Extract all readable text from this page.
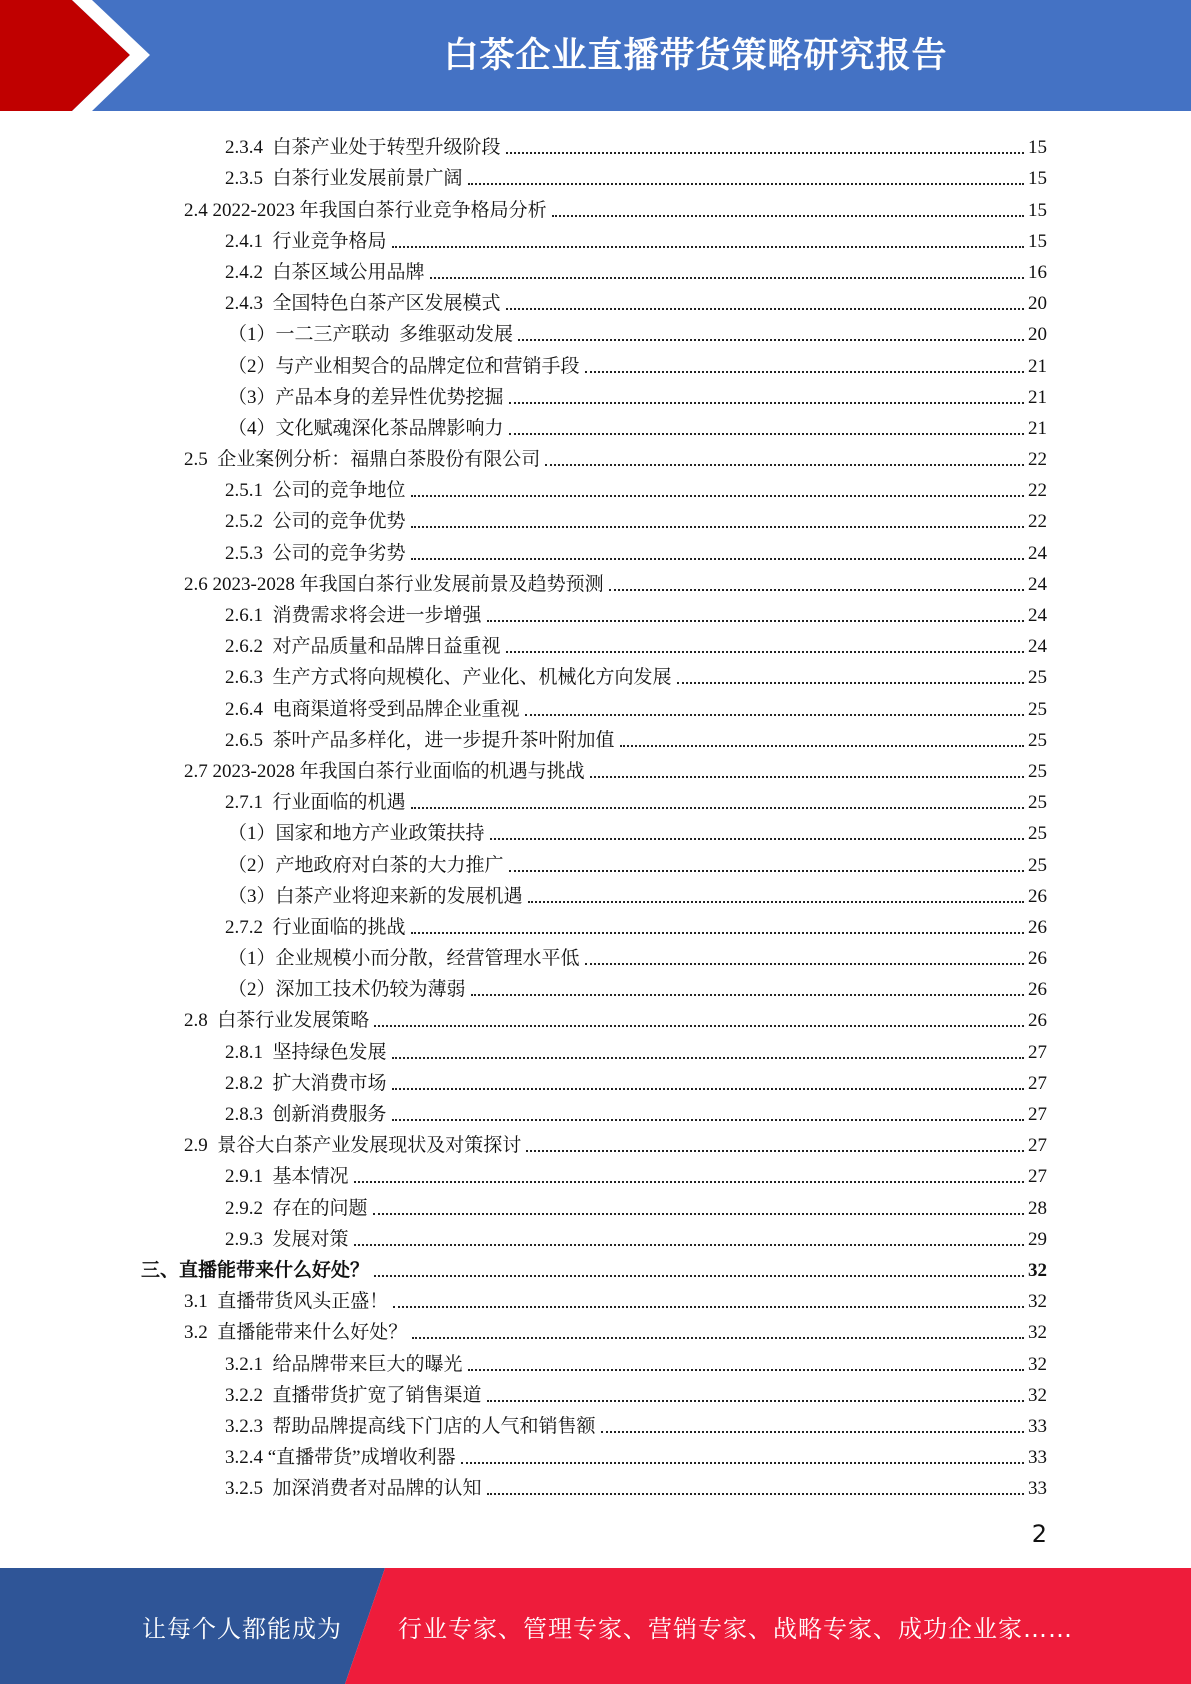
白茶企业直播带货策略研究报告
2.3.4  白茶产业处于转型升级阶段	15
2.3.5  白茶行业发展前景广阔	15
2.4 2022-2023 年我国白茶行业竞争格局分析	15
2.4.1  行业竞争格局	15
2.4.2  白茶区域公用品牌	16
2.4.3  全国特色白茶产区发展模式	20
（1）一二三产联动  多维驱动发展	20
（2）与产业相契合的品牌定位和营销手段	21
（3）产品本身的差异性优势挖掘	21
（4）文化赋魂深化茶品牌影响力	21
2.5  企业案例分析：福鼎白茶股份有限公司	22
2.5.1  公司的竞争地位	22
2.5.2  公司的竞争优势	22
2.5.3  公司的竞争劣势	24
2.6 2023-2028 年我国白茶行业发展前景及趋势预测	24
2.6.1  消费需求将会进一步增强	24
2.6.2  对产品质量和品牌日益重视	24
2.6.3  生产方式将向规模化、产业化、机械化方向发展	25
2.6.4  电商渠道将受到品牌企业重视	25
2.6.5  茶叶产品多样化，进一步提升茶叶附加值	25
2.7 2023-2028 年我国白茶行业面临的机遇与挑战	25
2.7.1  行业面临的机遇	25
（1）国家和地方产业政策扶持	25
（2）产地政府对白茶的大力推广	25
（3）白茶产业将迎来新的发展机遇	26
2.7.2  行业面临的挑战	26
（1）企业规模小而分散，经营管理水平低	26
（2）深加工技术仍较为薄弱	26
2.8  白茶行业发展策略	26
2.8.1  坚持绿色发展	27
2.8.2  扩大消费市场	27
2.8.3  创新消费服务	27
2.9  景谷大白茶产业发展现状及对策探讨	27
2.9.1  基本情况	27
2.9.2  存在的问题	28
2.9.3  发展对策	29
三、直播能带来什么好处？	32
3.1  直播带货风头正盛！	32
3.2  直播能带来什么好处？	32
3.2.1  给品牌带来巨大的曝光	32
3.2.2  直播带货扩宽了销售渠道	32
3.2.3  帮助品牌提高线下门店的人气和销售额	33
3.2.4 “直播带货”成增收利器	33
3.2.5  加深消费者对品牌的认知	33
2
让每个人都能成为 行业专家、管理专家、营销专家、战略专家、成功企业家……
